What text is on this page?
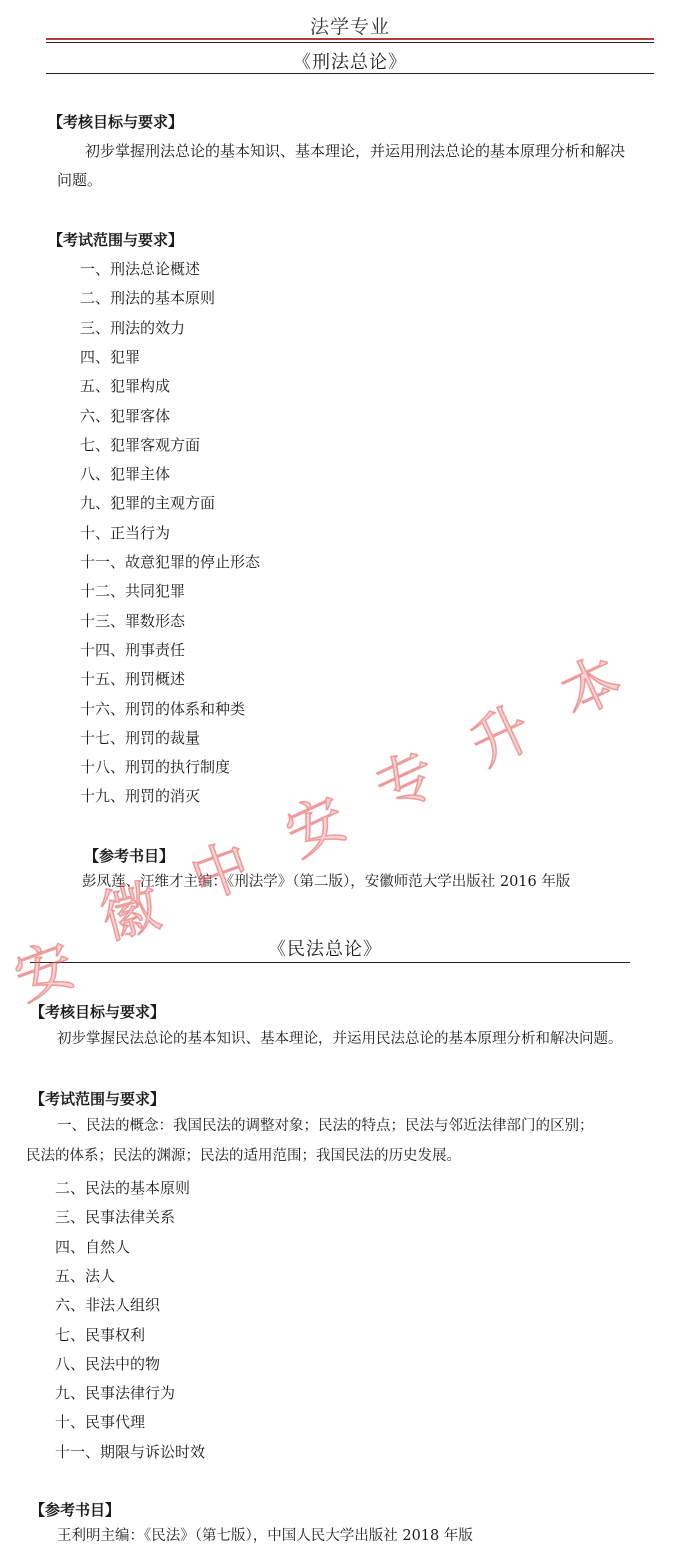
法学专业
《刑法总论》
【考核目标与要求】
初步掌握刑法总论的基本知识、基本理论，并运用刑法总论的基本原理分析和解决
问题。
【考试范围与要求】
一、刑法总论概述
二、刑法的基本原则
三、刑法的效力
四、犯罪
五、犯罪构成
六、犯罪客体
七、犯罪客观方面
八、犯罪主体
九、犯罪的主观方面
十、正当行为
十一、故意犯罪的停止形态
十二、共同犯罪
十三、罪数形态
十四、刑事责任
十五、刑罚概述
十六、刑罚的体系和种类
十七、刑罚的裁量
十八、刑罚的执行制度
十九、刑罚的消灭
【参考书目】
彭凤莲、汪维才主编：《刑法学》（第二版），安徽师范大学出版社 2016 年版
《民法总论》
【考核目标与要求】
初步掌握民法总论的基本知识、基本理论，并运用民法总论的基本原理分析和解决问题。
【考试范围与要求】
一、民法的概念：我国民法的调整对象；民法的特点；民法与邻近法律部门的区别；
民法的体系；民法的渊源；民法的适用范围；我国民法的历史发展。
二、民法的基本原则
三、民事法律关系
四、自然人
五、法人
六、非法人组织
七、民事权利
八、民法中的物
九、民事法律行为
十、民事代理
十一、期限与诉讼时效
【参考书目】
王利明主编：《民法》（第七版），中国人民大学出版社 2018 年版
安
徽 中
安
专
升
本
